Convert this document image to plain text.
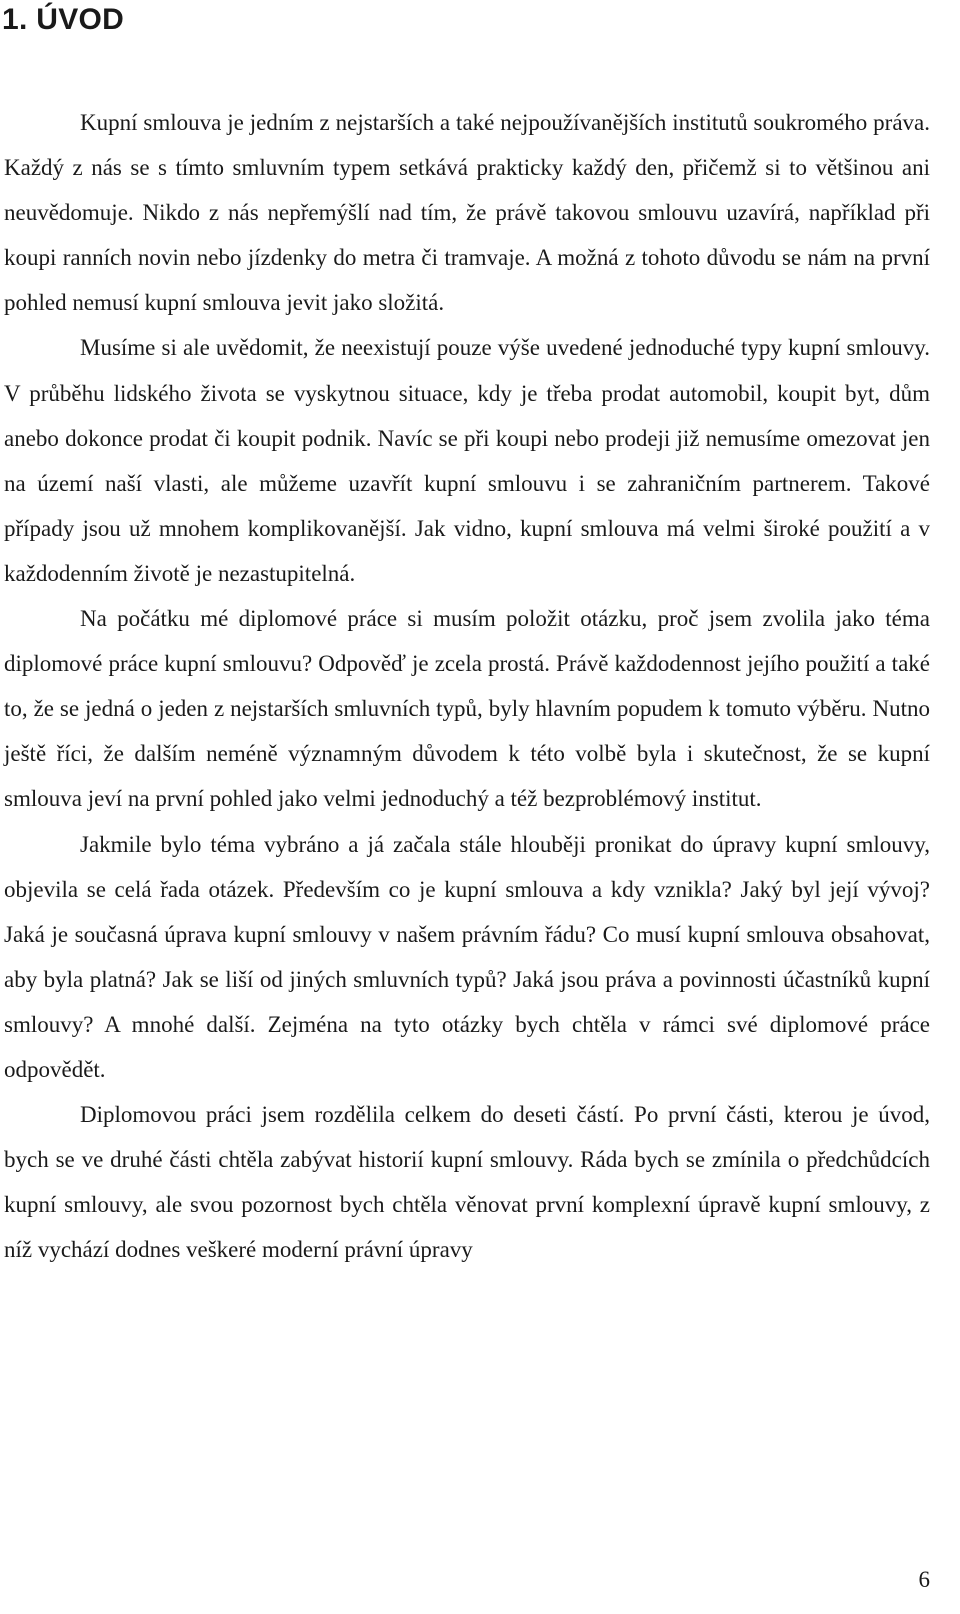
1. ÚVOD

Kupní smlouva je jedním z nejstarších a také nejpoužívanějších institutů soukromého práva. Každý z nás se s tímto smluvním typem setkává prakticky každý den, přičemž si to většinou ani neuvědomuje. Nikdo z nás nepřemýšlí nad tím, že právě takovou smlouvu uzavírá, například při koupi ranních novin nebo jízdenky do metra či tramvaje. A možná z tohoto důvodu se nám na první pohled nemusí kupní smlouva jevit jako složitá.

Musíme si ale uvědomit, že neexistují pouze výše uvedené jednoduché typy kupní smlouvy. V průběhu lidského života se vyskytnou situace, kdy je třeba prodat automobil, koupit byt, dům anebo dokonce prodat či koupit podnik. Navíc se při koupi nebo prodeji již nemusíme omezovat jen na území naší vlasti, ale můžeme uzavřít kupní smlouvu i se zahraničním partnerem. Takové případy jsou už mnohem komplikovanější. Jak vidno, kupní smlouva má velmi široké použití a v každodenním životě je nezastupitelná.

Na počátku mé diplomové práce si musím položit otázku, proč jsem zvolila jako téma diplomové práce kupní smlouvu? Odpověď je zcela prostá. Právě každodennost jejího použití a také to, že se jedná o jeden z nejstarších smluvních typů, byly hlavním popudem k tomuto výběru. Nutno ještě říci, že dalším neméně významným důvodem k této volbě byla i skutečnost, že se kupní smlouva jeví na první pohled jako velmi jednoduchý a též bezproblémový institut.

Jakmile bylo téma vybráno a já začala stále hlouběji pronikat do úpravy kupní smlouvy, objevila se celá řada otázek. Především co je kupní smlouva a kdy vznikla? Jaký byl její vývoj? Jaká je současná úprava kupní smlouvy v našem právním řádu? Co musí kupní smlouva obsahovat, aby byla platná? Jak se liší od jiných smluvních typů? Jaká jsou práva a povinnosti účastníků kupní smlouvy? A mnohé další. Zejména na tyto otázky bych chtěla v rámci své diplomové práce odpovědět.

Diplomovou práci jsem rozdělila celkem do deseti částí. Po první části, kterou je úvod, bych se ve druhé části chtěla zabývat historií kupní smlouvy. Ráda bych se zmínila o předchůdcích kupní smlouvy, ale svou pozornost bych chtěla věnovat první komplexní úpravě kupní smlouvy, z níž vychází dodnes veškeré moderní právní úpravy

6
